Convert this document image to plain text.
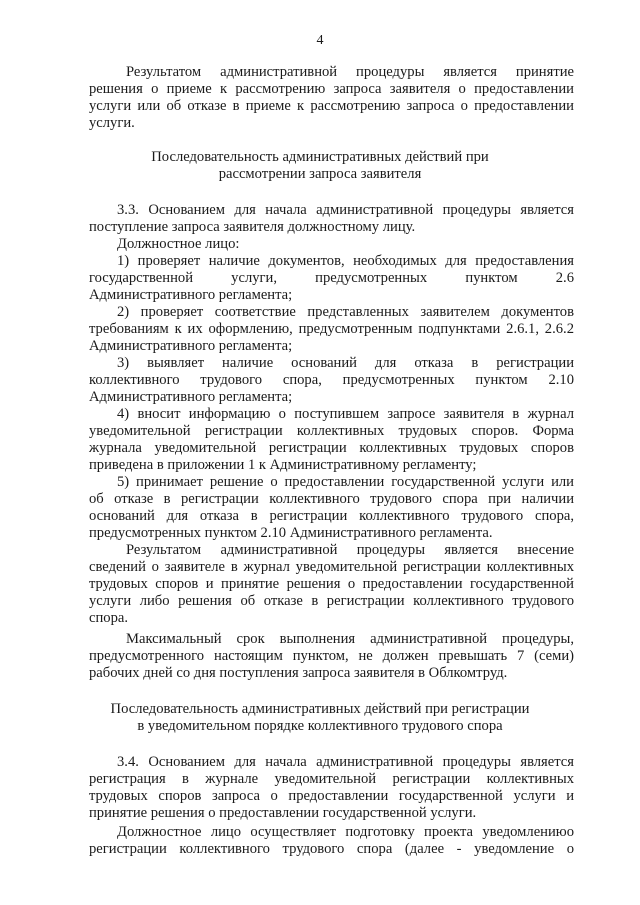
4
Результатом административной процедуры является принятие
решения о приеме к рассмотрению запроса заявителя о предоставлении
услуги или об отказе в приеме к рассмотрению запроса о предоставлении
услуги.
Последовательность административных действий при
рассмотрении запроса заявителя
3.3. Основанием для начала административной процедуры является
поступление запроса заявителя должностному лицу.
Должностное лицо:
1) проверяет наличие документов, необходимых для предоставления
государственной услуги, предусмотренных пунктом 2.6
Административного регламента;
2) проверяет соответствие представленных заявителем документов
требованиям к их оформлению, предусмотренным подпунктами 2.6.1, 2.6.2
Административного регламента;
3) выявляет наличие оснований для отказа в регистрации
коллективного трудового спора, предусмотренных пунктом 2.10
Административного регламента;
4) вносит информацию о поступившем запросе заявителя в журнал
уведомительной регистрации коллективных трудовых споров. Форма
журнала уведомительной регистрации коллективных трудовых споров
приведена в приложении 1 к Административному регламенту;
5) принимает решение о предоставлении государственной услуги или
об отказе в регистрации коллективного трудового спора при наличии
оснований для отказа в регистрации коллективного трудового спора,
предусмотренных пунктом 2.10 Административного регламента.
Результатом административной процедуры является внесение
сведений о заявителе в журнал уведомительной регистрации коллективных
трудовых споров и принятие решения о предоставлении государственной
услуги либо решения об отказе в регистрации коллективного трудового
спора.
Максимальный срок выполнения административной процедуры,
предусмотренного настоящим пунктом, не должен превышать 7 (семи)
рабочих дней со дня поступления запроса заявителя в Облкомтруд.
Последовательность административных действий при регистрации
в уведомительном порядке коллективного трудового спора
3.4. Основанием для начала административной процедуры является
регистрация в журнале уведомительной регистрации коллективных
трудовых споров запроса о предоставлении государственной услуги и
принятие решения о предоставлении государственной услуги.
Должностное лицо осуществляет подготовку проекта уведомлениюо
регистрации коллективного трудового спора (далее - уведомление о
